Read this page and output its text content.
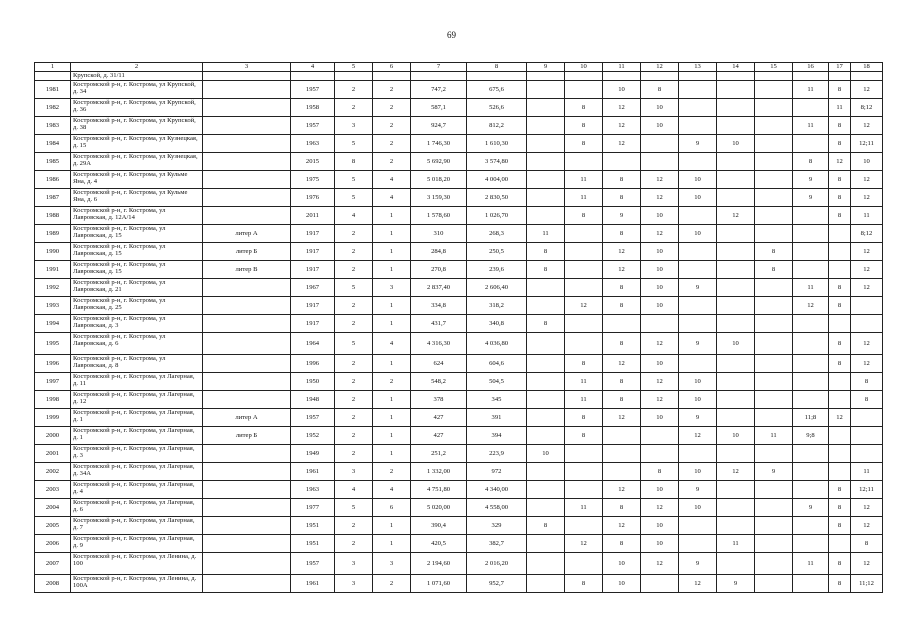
69
1	2	3	4	5	6	7	8	9	10	11	12	13	14	15	16	17	18
	Крупской, д. 31/11																
1981	Костромской р-н, г. Кострома, ул Крупской, д. 34		1957	2	2	747,2	675,6			10	8				11	8	12
1982	Костромской р-н, г. Кострома, ул Крупской, д. 36		1958	2	2	587,1	526,6		8	12	10					11	8;12
1983	Костромской р-н, г. Кострома, ул Крупской, д. 38		1957	3	2	924,7	812,2		8	12	10				11	8	12
1984	Костромской р-н, г. Кострома, ул Кузнецкая, д. 15		1963	5	2	1 746,30	1 610,30		8	12		9	10			8	12;11
1985	Костромской р-н, г. Кострома, ул Кузнецкая, д. 29А		2015	8	2	5 692,90	3 574,80								8	12	10
1986	Костромской р-н, г. Кострома, ул Кульме Яна, д. 4		1975	5	4	5 018,20	4 004,00		11	8	12	10			9	8	12
1987	Костромской р-н, г. Кострома, ул Кульме Яна, д. 6		1976	5	4	3 159,30	2 830,50		11	8	12	10			9	8	12
1988	Костромской р-н, г. Кострома, ул Лавровская, д. 12А/14		2011	4	1	1 578,60	1 026,70		8	9	10		12			8	11
1989	Костромской р-н, г. Кострома, ул Лавровская, д. 15	литер А	1917	2	1	310	268,3	11		8	12	10					8;12
1990	Костромской р-н, г. Кострома, ул Лавровская, д. 15	литер Б	1917	2	1	284,8	250,5	8		12	10			8			12
1991	Костромской р-н, г. Кострома, ул Лавровская, д. 15	литер В	1917	2	1	270,8	239,6	8		12	10			8			12
1992	Костромской р-н, г. Кострома, ул Лавровская, д. 21		1967	5	3	2 837,40	2 606,40			8	10	9			11	8	12
1993	Костромской р-н, г. Кострома, ул Лавровская, д. 25		1917	2	1	334,8	318,2		12	8	10				12	8	
1994	Костромской р-н, г. Кострома, ул Лавровская, д. 3		1917	2	1	431,7	340,8	8									
1995	Костромской р-н, г. Кострома, ул Лавровская, д. 6		1964	5	4	4 316,30	4 036,80			8	12	9	10			8	12
1996	Костромской р-н, г. Кострома, ул Лавровская, д. 8		1996	2	1	624	604,6		8	12	10					8	12
1997	Костромской р-н, г. Кострома, ул Лагерная, д. 11		1950	2	2	548,2	504,5		11	8	12	10					8
1998	Костромской р-н, г. Кострома, ул Лагерная, д. 12		1948	2	1	378	345		11	8	12	10					8
1999	Костромской р-н, г. Кострома, ул Лагерная, д. 1	литер А	1957	2	1	427	391		8	12	10	9			11;8	12	
2000	Костромской р-н, г. Кострома, ул Лагерная, д. 1	литер Б	1952	2	1	427	394		8			12	10	11	9;8		
2001	Костромской р-н, г. Кострома, ул Лагерная, д. 3		1949	2	1	251,2	223,9	10									
2002	Костромской р-н, г. Кострома, ул Лагерная, д. 34А		1961	3	2	1 332,00	972				8	10	12	9			11
2003	Костромской р-н, г. Кострома, ул Лагерная, д. 4		1963	4	4	4 751,80	4 340,00			12	10	9				8	12;11
2004	Костромской р-н, г. Кострома, ул Лагерная, д. 6		1977	5	6	5 020,00	4 558,00		11	8	12	10			9	8	12
2005	Костромской р-н, г. Кострома, ул Лагерная, д. 7		1951	2	1	390,4	329	8		12	10					8	12
2006	Костромской р-н, г. Кострома, ул Лагерная, д. 9		1951	2	1	420,5	382,7		12	8	10		11				8
2007	Костромской р-н, г. Кострома, ул Ленина, д. 100		1957	3	3	2 194,60	2 016,20			10	12	9			11	8	12
2008	Костромской р-н, г. Кострома, ул Ленина, д. 100А		1961	3	2	1 071,60	952,7		8	10		12	9			8	11;12
